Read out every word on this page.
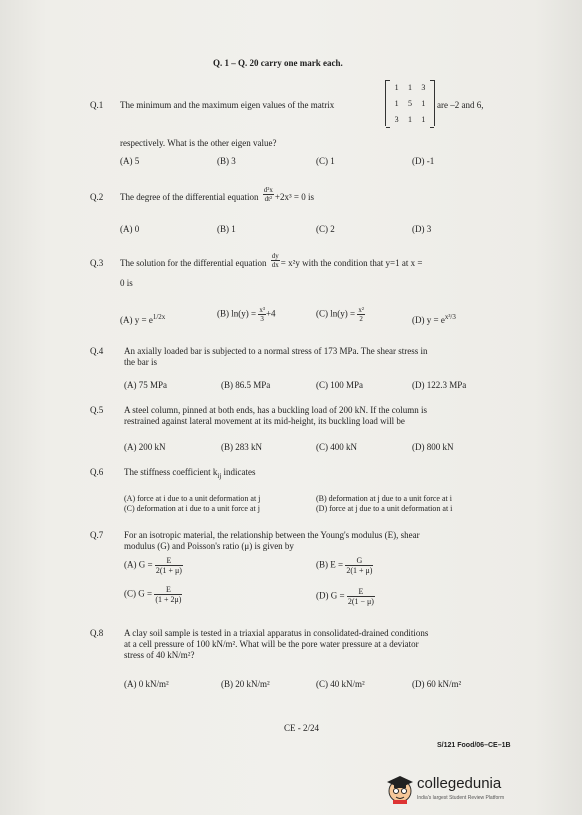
Q. 1 – Q. 20 carry one mark each.
Q.1 The minimum and the maximum eigen values of the matrix
1 1 3
1 5 1
3 1 1
are –2 and 6,
respectively. What is the other eigen value?
(A) 5	(B) 3	(C) 1	(D) -1
Q.2 The degree of the differential equation $\frac{\text{d²x}}{\text{dt²}} +2x^3 = 0$ is
(A) 0	(B) 1	(C) 2	(D) 3
Q.3 The solution for the differential equation $\frac{dy}{dx} = x^2y$ with the condition that y=1 at x =
0 is
(A) $y = e^{1/2x}$	(B) $\ln(y) = \frac{\text{x³}}{3} +4$	(C) $\ln(y) = \frac{\text{x²}}{2}$	(D) $y = e^{x^3/3}$
Q.4 An axially loaded bar is subjected to a normal stress of 173 MPa. The shear stress in
the bar is
(A) 75 MPa	(B) 86.5 MPa	(C) 100 MPa	(D) 122.3 MPa
Q.5 A steel column, pinned at both ends, has a buckling load of 200 kN. If the column is
restrained against lateral movement at its mid-height, its buckling load will be
(A) 200 kN	(B) 283 kN	(C) 400 kN	(D) 800 kN
Q.6 The stiffness coefficient $k_{ij}$ indicates
(A) force at i due to a unit deformation at j	(B) deformation at j due to a unit force at i
(C) deformation at i due to a unit force at j	(D) force at j due to a unit deformation at i
Q.7 For an isotropic material, the relationship between the Young's modulus (E), shear
modulus (G) and Poisson's ratio (μ) is given by
(A) $G = \frac{E}{2(1 + \mu)}$	(B) $E = \frac{G}{2(1 + \mu)}$
(C) $G = \frac{E}{(1 + 2\mu)}$	(D) $G = \frac{E}{2(1 - \mu)}$
Q.8 A clay soil sample is tested in a triaxial apparatus in consolidated-drained conditions
at a cell pressure of 100 kN/m². What will be the pore water pressure at a deviator
stress of 40 kN/m²?
(A) 0 kN/m²	(B) 20 kN/m²	(C) 40 kN/m²	(D) 60 kN/m²
CE - 2/24
S/121 Food/06–CE–1B
collegedunia
India's largest Student Review Platform
